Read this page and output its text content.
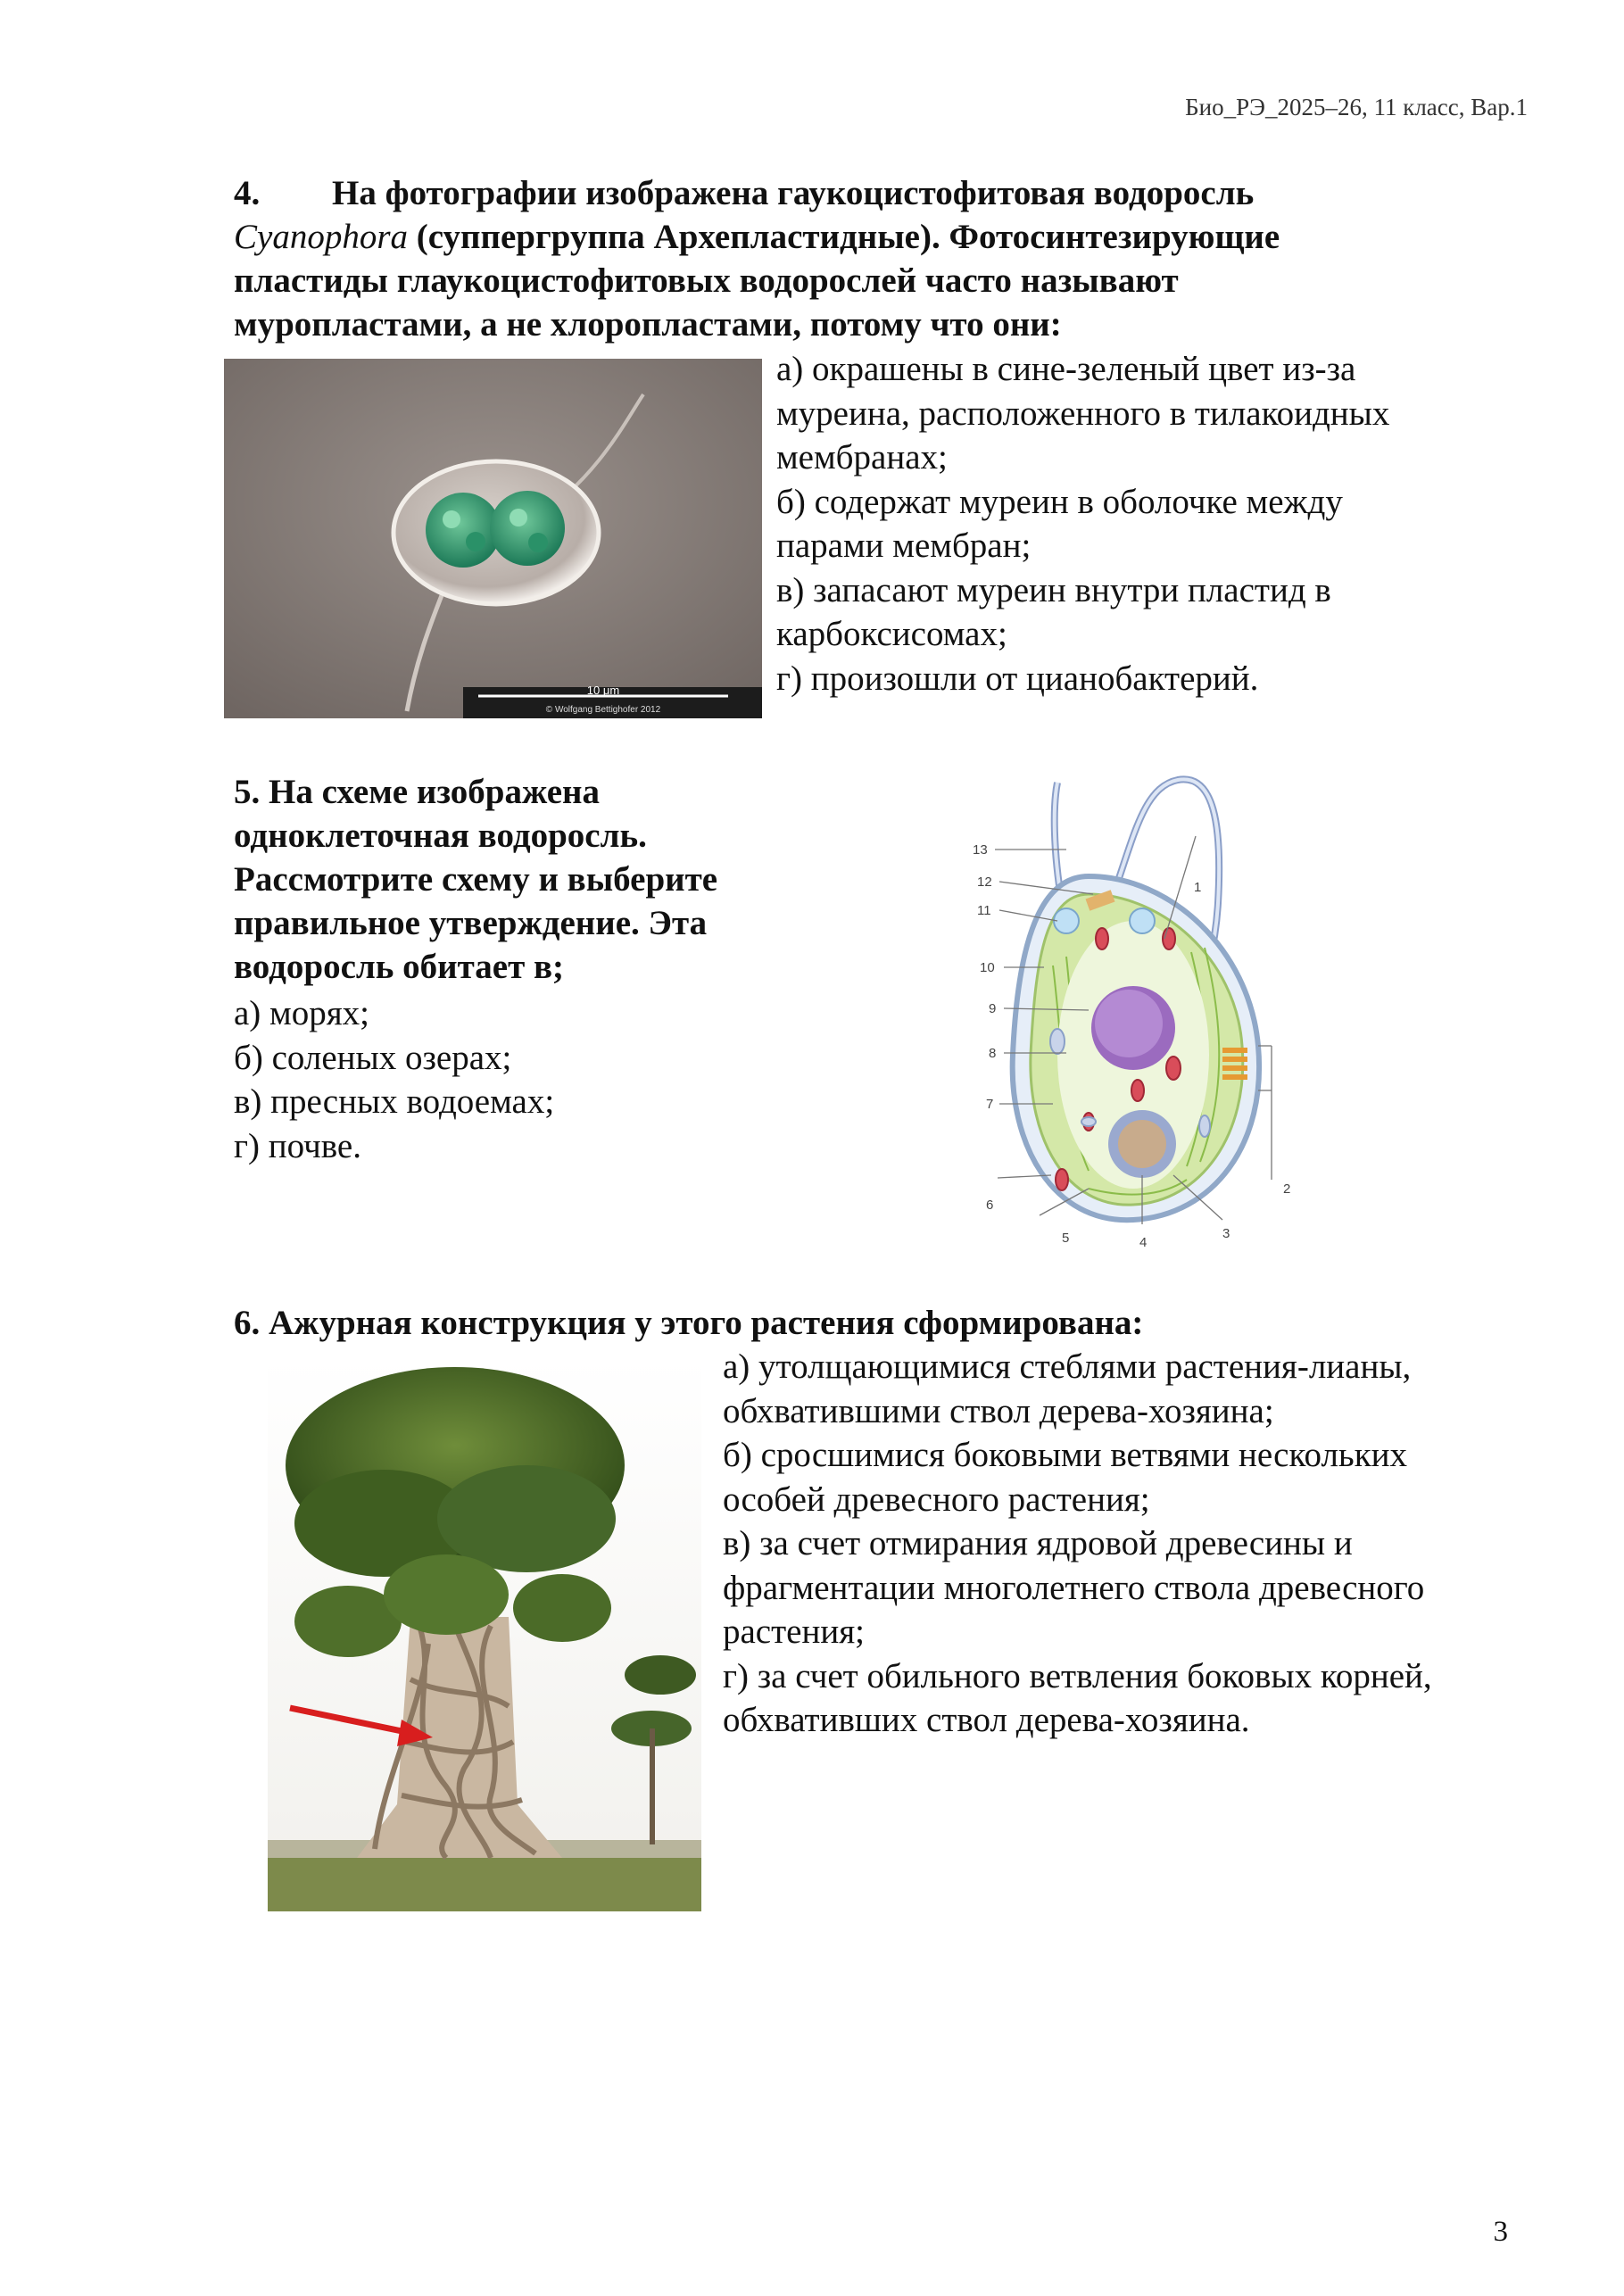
Био_РЭ_2025–26, 11 класс, Вар.1
4. На фотографии изображена гаукоцистофитовая водоросль
Cyanophora (суппергруппа Архепластидные). Фотосинтезирующие
пластиды глаукоцистофитовых водорослей часто называют
муропластами, а не хлоропластами, потому что они:
10 μm
© Wolfgang Bettighofer 2012
а) окрашены в сине-зеленый цвет из-за
муреина, расположенного в тилакоидных
мембранах;
б) содержат муреин в оболочке между
парами мембран;
в) запасают муреин внутри пластид в
карбоксисомах;
г) произошли от цианобактерий.
5. На схеме изображена
одноклеточная водоросль.
Рассмотрите схему и выберите
правильное утверждение. Эта
водоросль обитает в;
а) морях;
б) соленых озерах;
в) пресных водоемах;
г) почве.
13
12
11
10
9
8
7
6
5	4
3
2
1
6. Ажурная конструкция у этого растения сформирована:
а) утолщающимися стеблями растения-лианы,
обхватившими ствол дерева-хозяина;
б) сросшимися боковыми ветвями нескольких
особей древесного растения;
в) за счет отмирания ядровой древесины и
фрагментации многолетнего ствола древесного
растения;
г) за счет обильного ветвления боковых корней,
обхвативших ствол дерева-хозяина.
3
